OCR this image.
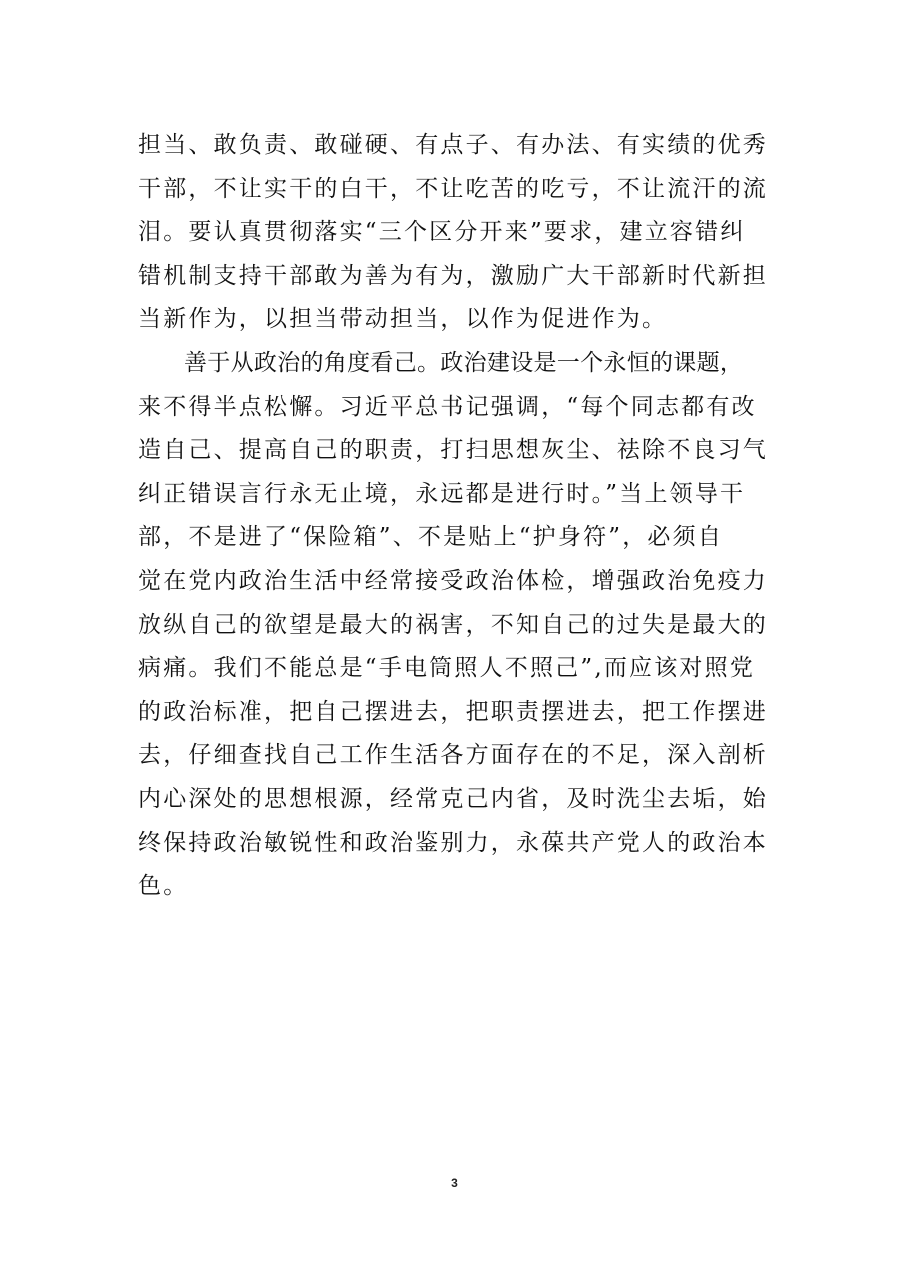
担当、敢负责、敢碰硬、有点子、有办法、有实绩的优秀
干部，不让实干的白干，不让吃苦的吃亏，不让流汗的流
泪。要认真贯彻落实“三个区分开来”要求，建立容错纠
错机制支持干部敢为善为有为，激励广大干部新时代新担
当新作为，以担当带动担当，以作为促进作为。
善于从政治的角度看己。政治建设是一个永恒的课题，
来不得半点松懈。习近平总书记强调，“每个同志都有改
造自己、提高自己的职责，打扫思想灰尘、祛除不良习气
纠正错误言行永无止境，永远都是进行时。”当上领导干
部，不是进了“保险箱”、不是贴上“护身符”，必须自
觉在党内政治生活中经常接受政治体检，增强政治免疫力
放纵自己的欲望是最大的祸害，不知自己的过失是最大的
病痛。我们不能总是“手电筒照人不照己”,而应该对照党
的政治标准，把自己摆进去，把职责摆进去，把工作摆进
去，仔细查找自己工作生活各方面存在的不足，深入剖析
内心深处的思想根源，经常克己内省，及时洗尘去垢，始
终保持政治敏锐性和政治鉴别力，永葆共产党人的政治本
色。
3
